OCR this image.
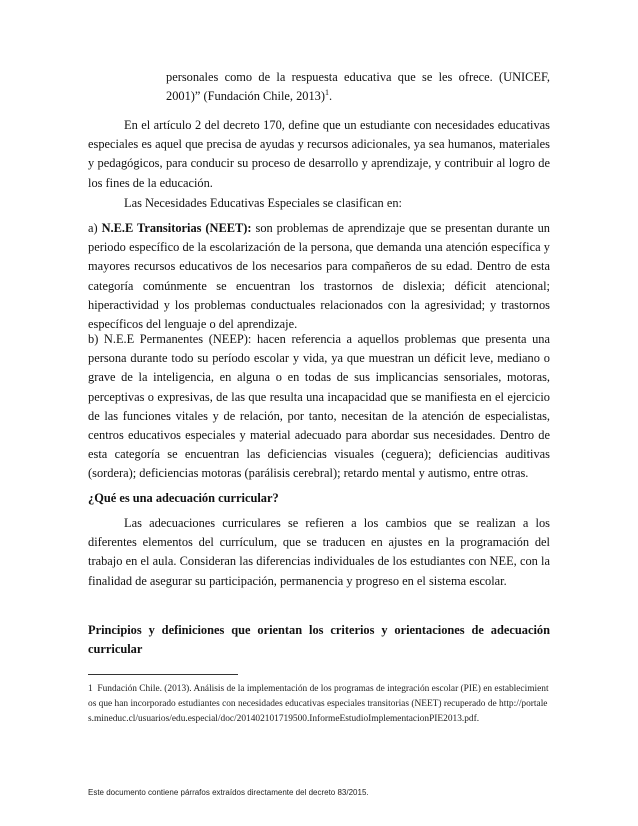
personales como de la respuesta educativa que se les ofrece. (UNICEF, 2001)” (Fundación Chile, 2013)$^1$.

En el artículo 2 del decreto 170, define que un estudiante con necesidades educativas especiales es aquel que precisa de ayudas y recursos adicionales, ya sea humanos, materiales y pedagógicos, para conducir su proceso de desarrollo y aprendizaje, y contribuir al logro de los fines de la educación.

Las Necesidades Educativas Especiales se clasifican en:

a) N.E.E Transitorias (NEET): son problemas de aprendizaje que se presentan durante un periodo específico de la escolarización de la persona, que demanda una atención específica y mayores recursos educativos de los necesarios para compañeros de su edad. Dentro de esta categoría comúnmente se encuentran los trastornos de dislexia; déficit atencional; hiperactividad y los problemas conductuales relacionados con la agresividad; y trastornos específicos del lenguaje o del aprendizaje.

b) N.E.E Permanentes (NEEP): hacen referencia a aquellos problemas que presenta una persona durante todo su período escolar y vida, ya que muestran un déficit leve, mediano o grave de la inteligencia, en alguna o en todas de sus implicancias sensoriales, motoras, perceptivas o expresivas, de las que resulta una incapacidad que se manifiesta en el ejercicio de las funciones vitales y de relación, por tanto, necesitan de la atención de especialistas, centros educativos especiales y material adecuado para abordar sus necesidades. Dentro de esta categoría se encuentran las deficiencias visuales (ceguera); deficiencias auditivas (sordera); deficiencias motoras (parálisis cerebral); retardo mental y autismo, entre otras.

¿Qué es una adecuación curricular?

Las adecuaciones curriculares se refieren a los cambios que se realizan a los diferentes elementos del currículum, que se traducen en ajustes en la programación del trabajo en el aula. Consideran las diferencias individuales de los estudiantes con NEE, con la finalidad de asegurar su participación, permanencia y progreso en el sistema escolar.

Principios y definiciones que orientan los criterios y orientaciones de adecuación curricular

1 Fundación Chile. (2013). Análisis de la implementación de los programas de integración escolar (PIE) en establecimientos que han incorporado estudiantes con necesidades educativas especiales transitorias (NEET) recuperado de http://portales.mineduc.cl/usuarios/edu.especial/doc/201402101719500.InformeEstudioImplementacionPIE2013.pdf.

Este documento contiene párrafos extraídos directamente del decreto 83/2015.
